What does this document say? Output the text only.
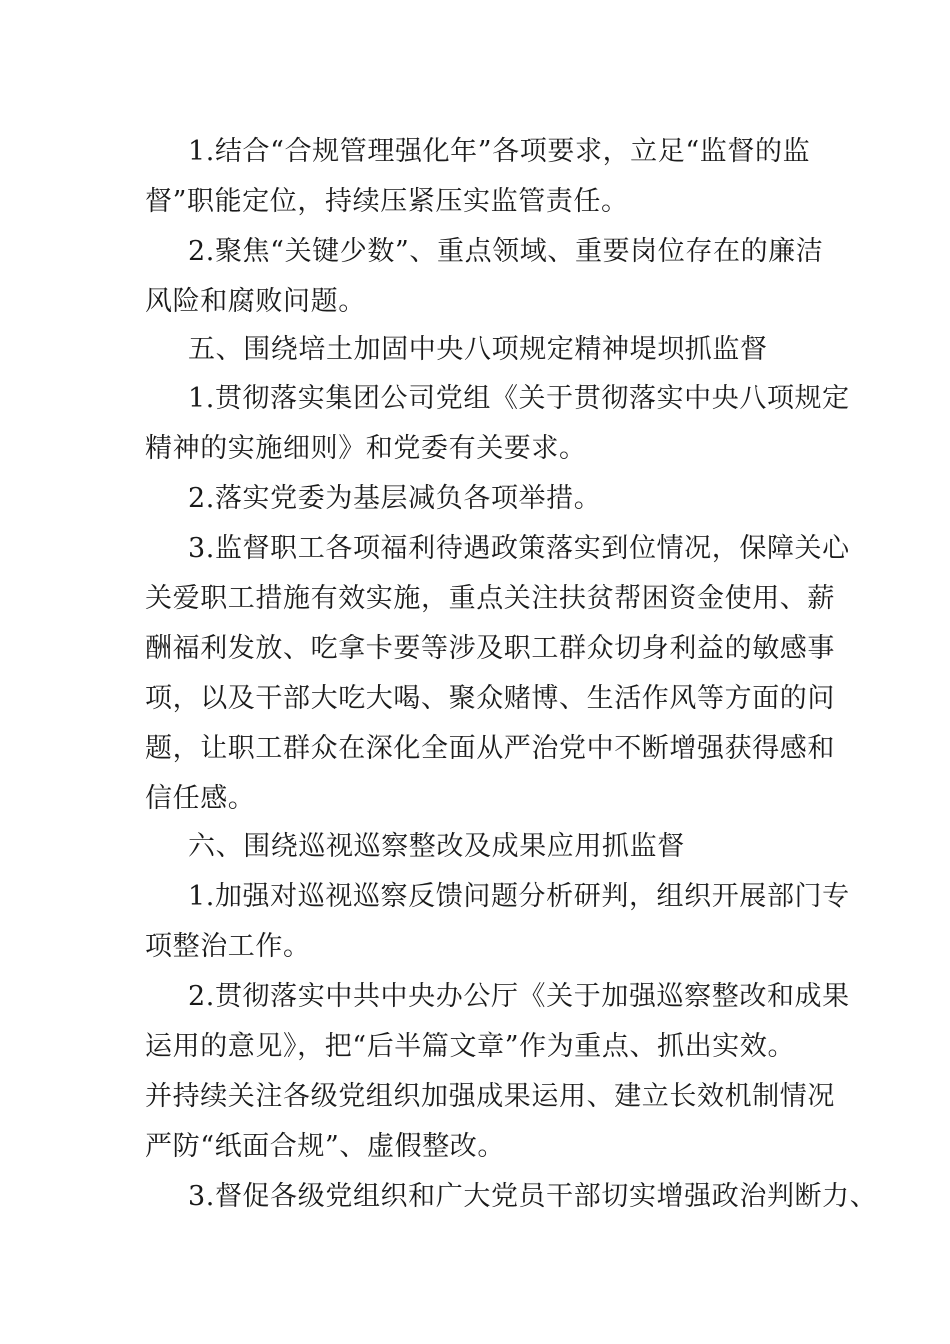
1.结合“合规管理强化年”各项要求，立足“监督的监

督”职能定位，持续压紧压实监管责任。

2.聚焦“关键少数”、重点领域、重要岗位存在的廉洁

风险和腐败问题。

五、围绕培土加固中央八项规定精神堤坝抓监督

1.贯彻落实集团公司党组《关于贯彻落实中央八项规定

精神的实施细则》和党委有关要求。

2.落实党委为基层减负各项举措。

3.监督职工各项福利待遇政策落实到位情况，保障关心

关爱职工措施有效实施，重点关注扶贫帮困资金使用、薪

酬福利发放、吃拿卡要等涉及职工群众切身利益的敏感事

项，以及干部大吃大喝、聚众赌博、生活作风等方面的问

题，让职工群众在深化全面从严治党中不断增强获得感和

信任感。

六、围绕巡视巡察整改及成果应用抓监督

1.加强对巡视巡察反馈问题分析研判，组织开展部门专

项整治工作。

2.贯彻落实中共中央办公厅《关于加强巡察整改和成果

运用的意见》，把“后半篇文章”作为重点、抓出实效。

并持续关注各级党组织加强成果运用、建立长效机制情况

严防“纸面合规”、虚假整改。

3.督促各级党组织和广大党员干部切实增强政治判断力、
